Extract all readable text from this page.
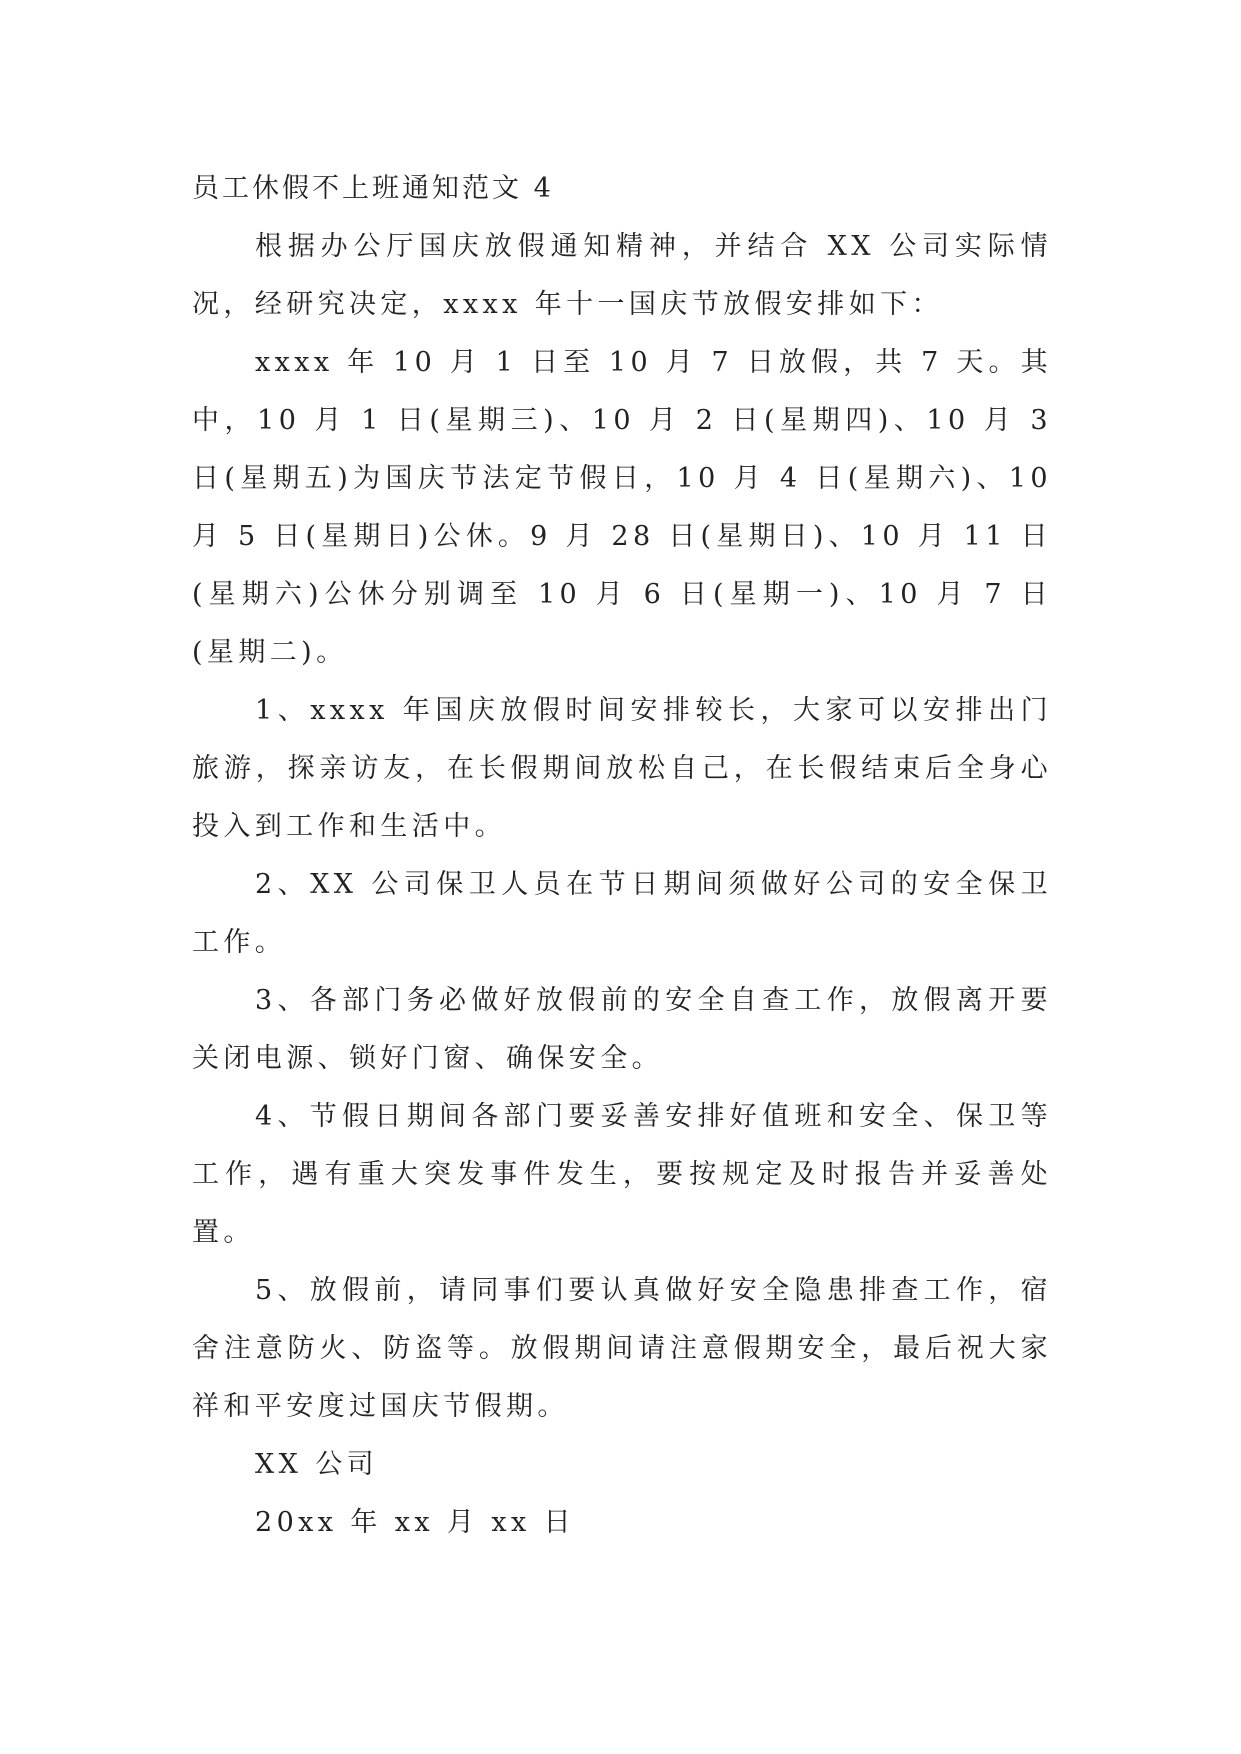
员工休假不上班通知范文 4

根据办公厅国庆放假通知精神，并结合 XX 公司实际情况，经研究决定，xxxx 年十一国庆节放假安排如下：

xxxx 年 10 月 1 日至 10 月 7 日放假，共 7 天。其中，10 月 1 日(星期三)、10 月 2 日(星期四)、10 月 3 日(星期五)为国庆节法定节假日，10 月 4 日(星期六)、10 月 5 日(星期日)公休。9 月 28 日(星期日)、10 月 11 日(星期六)公休分别调至 10 月 6 日(星期一)、10 月 7 日(星期二)。

1、xxxx 年国庆放假时间安排较长，大家可以安排出门旅游，探亲访友，在长假期间放松自己，在长假结束后全身心投入到工作和生活中。

2、XX 公司保卫人员在节日期间须做好公司的安全保卫工作。

3、各部门务必做好放假前的安全自查工作，放假离开要关闭电源、锁好门窗、确保安全。

4、节假日期间各部门要妥善安排好值班和安全、保卫等工作，遇有重大突发事件发生，要按规定及时报告并妥善处置。

5、放假前，请同事们要认真做好安全隐患排查工作，宿舍注意防火、防盗等。放假期间请注意假期安全，最后祝大家祥和平安度过国庆节假期。

XX 公司

20xx 年 xx 月 xx 日
